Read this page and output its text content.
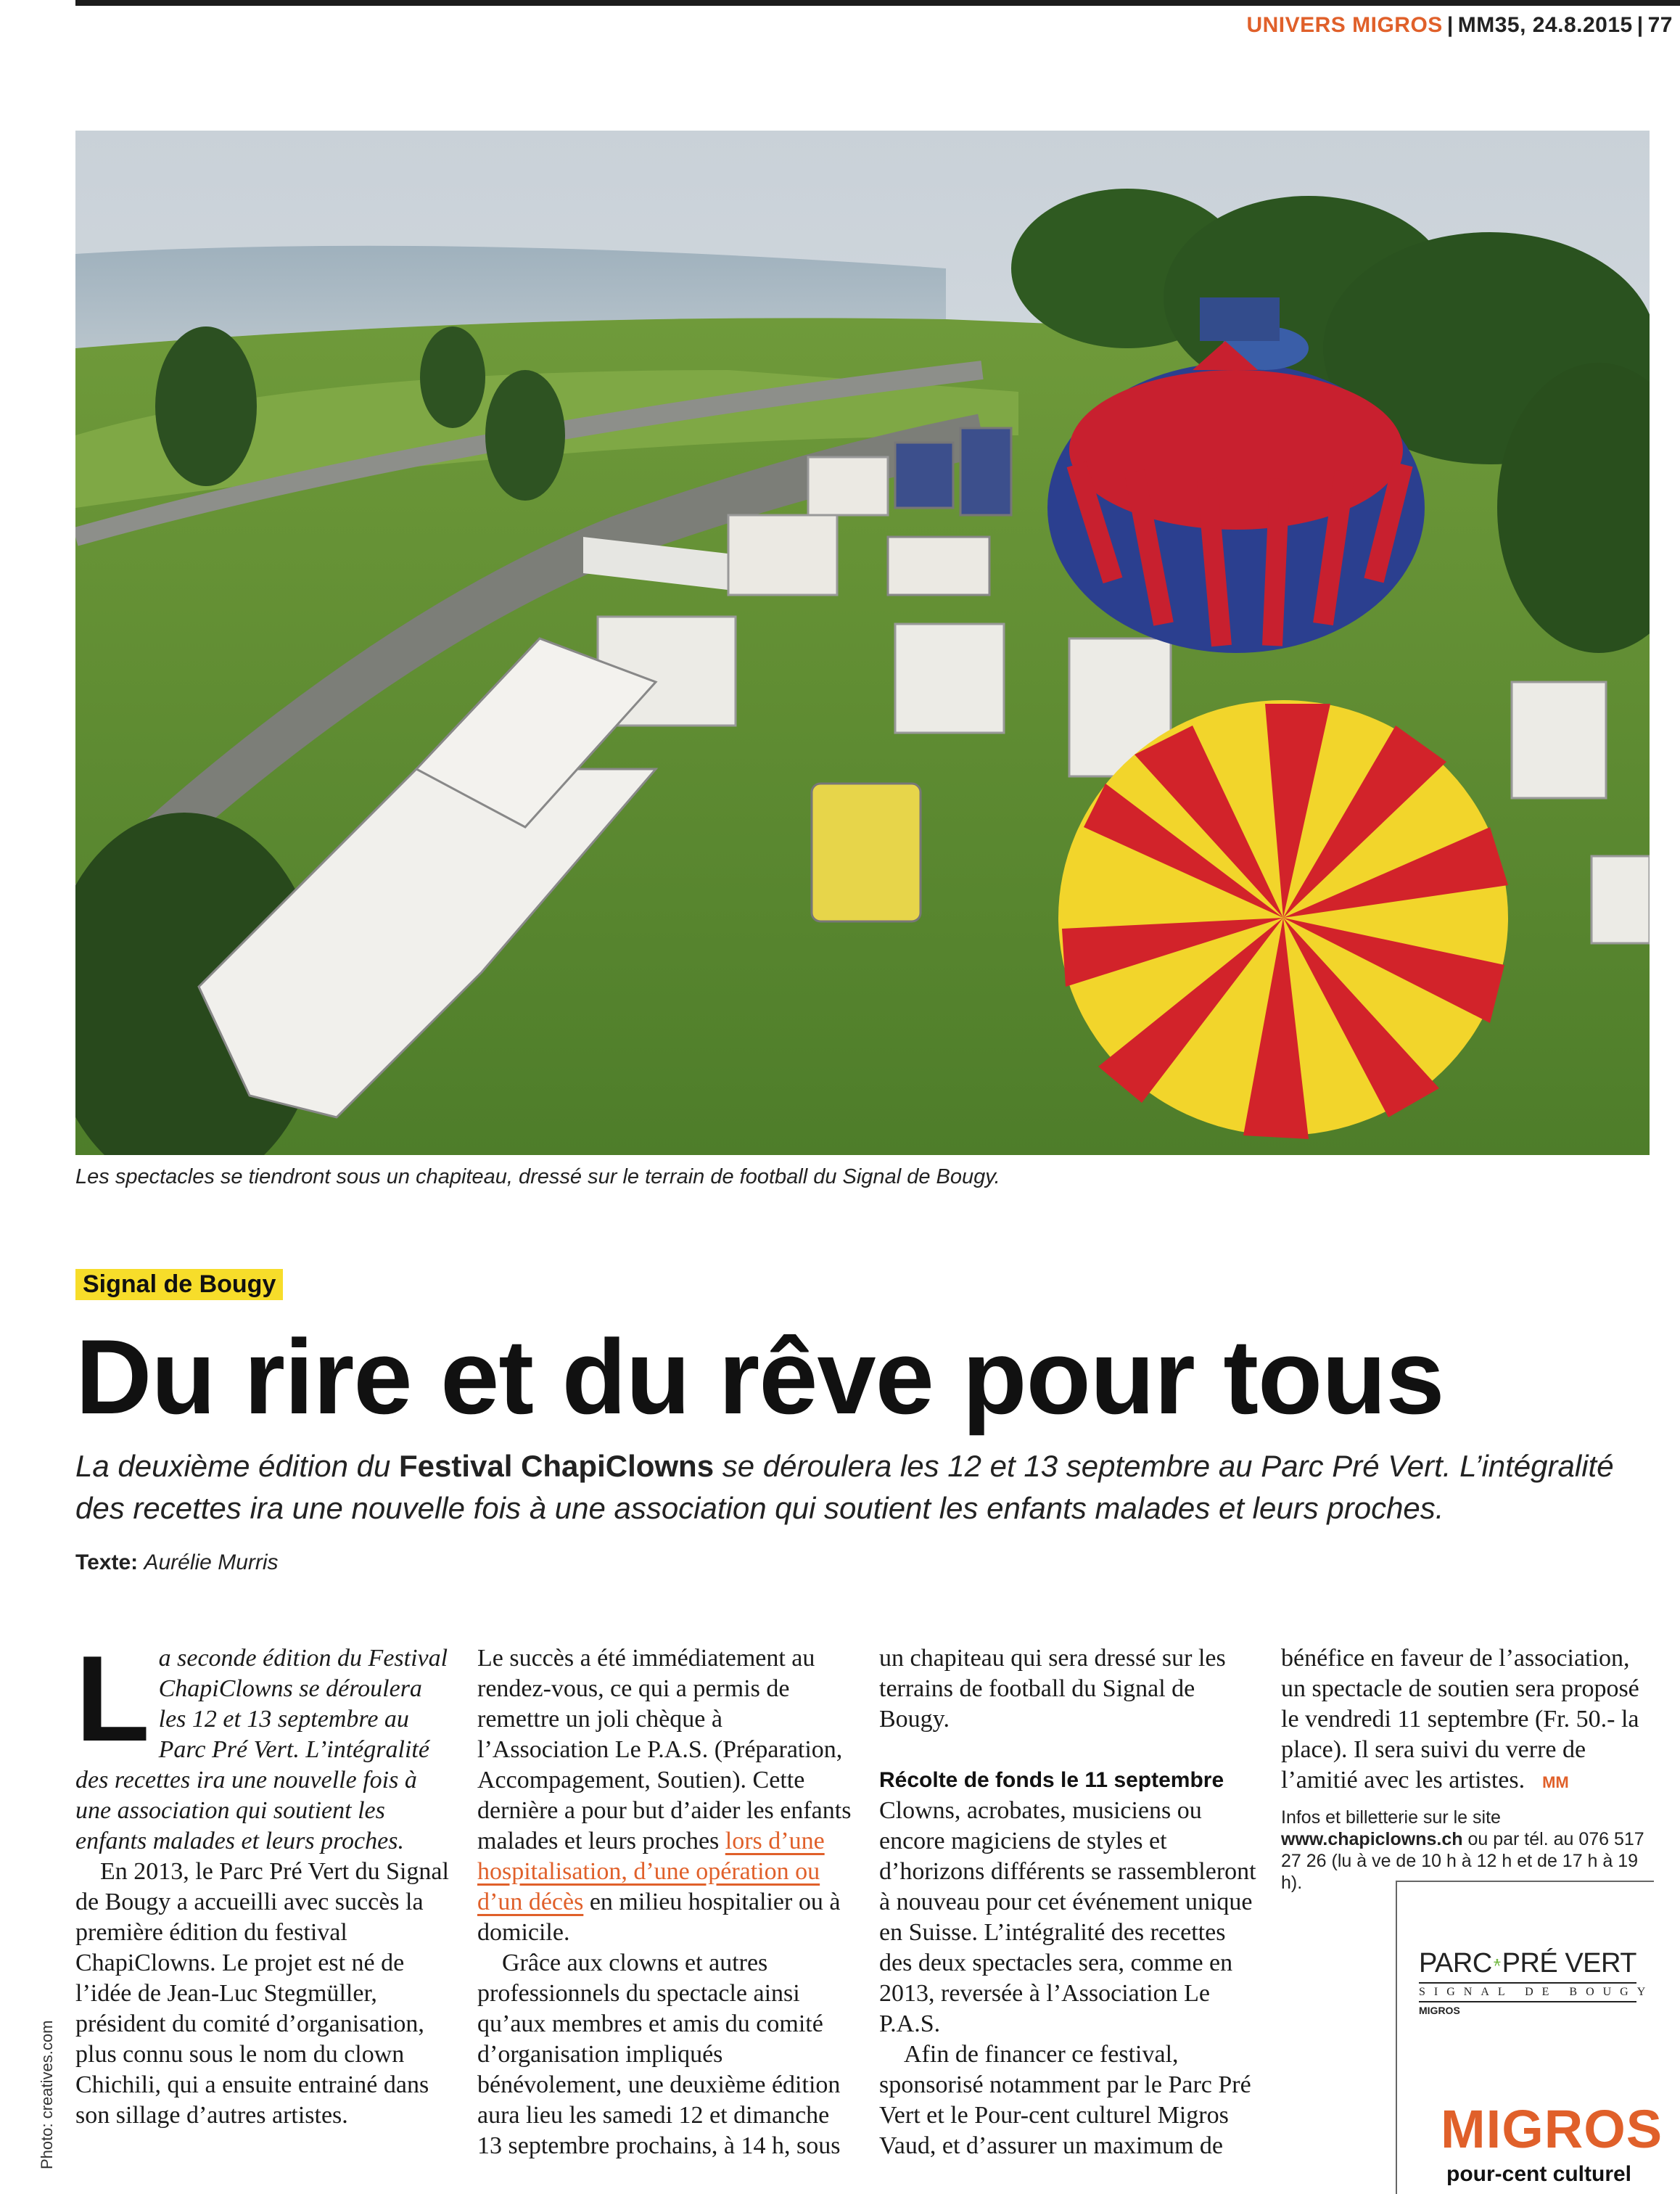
UNIVERS MIGROS | MM35, 24.8.2015 | 77
Les spectacles se tiendront sous un chapiteau, dressé sur le terrain de football du Signal de Bougy.
Signal de Bougy
Du rire et du rêve pour tous

La deuxième édition du Festival ChapiClowns se déroulera les 12 et 13 septembre au Parc Pré Vert. L’intégralité des recettes ira une nouvelle fois à une association qui soutient les enfants malades et leurs proches.

Texte: Aurélie Murris

La seconde édition du Festival ChapiClowns se déroulera les 12 et 13 septembre au Parc Pré Vert. L’intégralité des recettes ira une nouvelle fois à une association qui soutient les enfants malades et leurs proches.

En 2013, le Parc Pré Vert du Signal de Bougy a accueilli avec succès la première édition du festival ChapiClowns. Le projet est né de l’idée de Jean-Luc Stegmüller, président du comité d’organisation, plus connu sous le nom du clown Chichili, qui a ensuite entrainé dans son sillage d’autres artistes.

Le succès a été immédiatement au rendez-vous, ce qui a permis de remettre un joli chèque à l’Association Le P.A.S. (Préparation, Accompagement, Soutien). Cette dernière a pour but d’aider les enfants malades et leurs proches lors d’une hospitalisation, d’une opération ou d’un décès en milieu hospitalier ou à domicile.

Grâce aux clowns et autres professionnels du spectacle ainsi qu’aux membres et amis du comité d’organisation impliqués bénévolement, une deuxième édition aura lieu les samedi 12 et dimanche 13 septembre prochains, à 14 h, sous

un chapiteau qui sera dressé sur les terrains de football du Signal de Bougy.

Récolte de fonds le 11 septembre

Clowns, acrobates, musiciens ou encore magiciens de styles et d’horizons différents se rassembleront à nouveau pour cet événement unique en Suisse. L’intégralité des recettes des deux spectacles sera, comme en 2013, reversée à l’Association Le P.A.S.

Afin de financer ce festival, sponsorisé notamment par le Parc Pré Vert et le Pour-cent culturel Migros Vaud, et d’assurer un maximum de

bénéfice en faveur de l’association, un spectacle de soutien sera proposé le vendredi 11 septembre (Fr. 50.- la place). Il sera suivi du verre de l’amitié avec les artistes. MM

Infos et billetterie sur le site www.chapiclowns.ch ou par tél. au 076 517 27 26 (lu à ve de 10 h à 12 h et de 17 h à 19 h).

PARC PRÉ VERT
SIGNAL DE BOUGY
MIGROS
MIGROS
pour-cent culturel
Photo: creatives.com
